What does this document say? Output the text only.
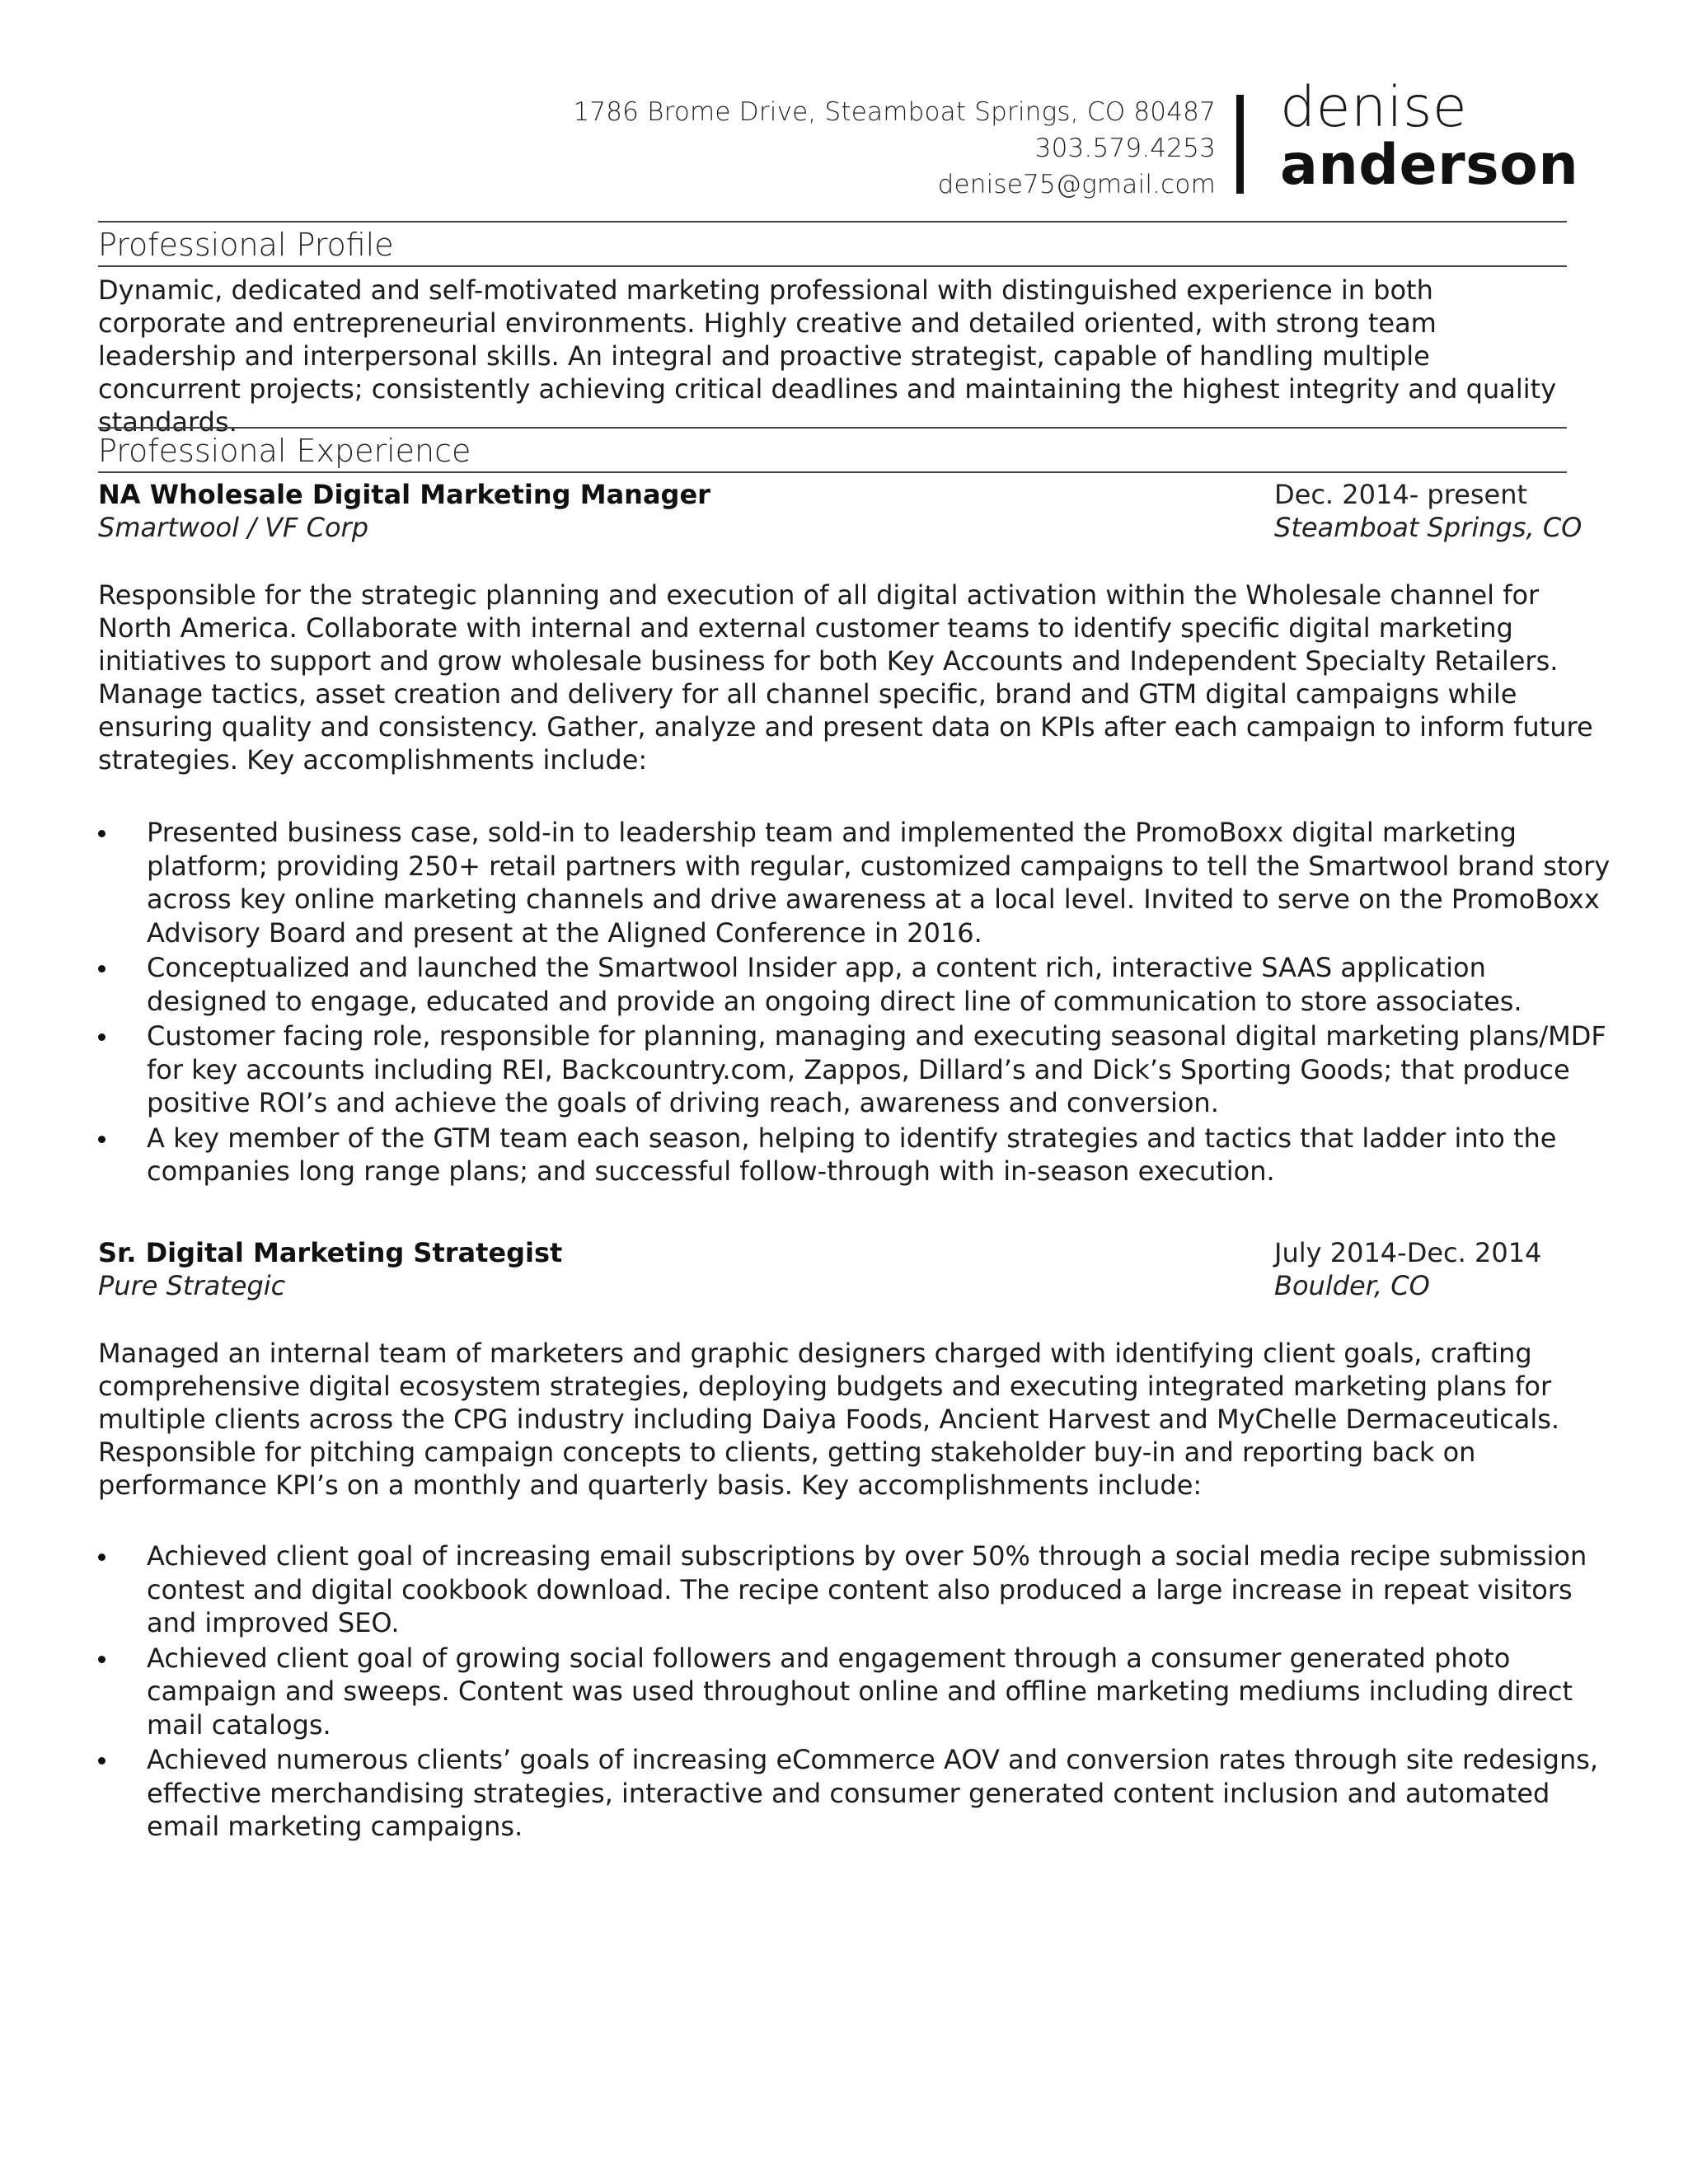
1786 Brome Drive, Steamboat Springs, CO 80487
303.579.4253
denise75@gmail.com
denise
anderson
Professional Profile
Dynamic, dedicated and self-motivated marketing professional with distinguished experience in both corporate and entrepreneurial environments. Highly creative and detailed oriented, with strong team leadership and interpersonal skills. An integral and proactive strategist, capable of handling multiple concurrent projects; consistently achieving critical deadlines and maintaining the highest integrity and quality standards.
Professional Experience
NA Wholesale Digital Marketing Manager	Dec. 2014- present
Smartwool / VF Corp	Steamboat Springs, CO
Responsible for the strategic planning and execution of all digital activation within the Wholesale channel for North America. Collaborate with internal and external customer teams to identify specific digital marketing initiatives to support and grow wholesale business for both Key Accounts and Independent Specialty Retailers. Manage tactics, asset creation and delivery for all channel specific, brand and GTM digital campaigns while ensuring quality and consistency. Gather, analyze and present data on KPIs after each campaign to inform future strategies. Key accomplishments include:
Presented business case, sold-in to leadership team and implemented the PromoBoxx digital marketing platform; providing 250+ retail partners with regular, customized campaigns to tell the Smartwool brand story across key online marketing channels and drive awareness at a local level. Invited to serve on the PromoBoxx Advisory Board and present at the Aligned Conference in 2016.
Conceptualized and launched the Smartwool Insider app, a content rich, interactive SAAS application designed to engage, educated and provide an ongoing direct line of communication to store associates.
Customer facing role, responsible for planning, managing and executing seasonal digital marketing plans/MDF for key accounts including REI, Backcountry.com, Zappos, Dillard’s and Dick’s Sporting Goods; that produce positive ROI’s and achieve the goals of driving reach, awareness and conversion.
A key member of the GTM team each season, helping to identify strategies and tactics that ladder into the companies long range plans; and successful follow-through with in-season execution.
Sr. Digital Marketing Strategist	July 2014-Dec. 2014
Pure Strategic	Boulder, CO
Managed an internal team of marketers and graphic designers charged with identifying client goals, crafting comprehensive digital ecosystem strategies, deploying budgets and executing integrated marketing plans for multiple clients across the CPG industry including Daiya Foods, Ancient Harvest and MyChelle Dermaceuticals. Responsible for pitching campaign concepts to clients, getting stakeholder buy-in and reporting back on performance KPI’s on a monthly and quarterly basis. Key accomplishments include:
Achieved client goal of increasing email subscriptions by over 50% through a social media recipe submission contest and digital cookbook download. The recipe content also produced a large increase in repeat visitors and improved SEO.
Achieved client goal of growing social followers and engagement through a consumer generated photo campaign and sweeps. Content was used throughout online and offline marketing mediums including direct mail catalogs.
Achieved numerous clients’ goals of increasing eCommerce AOV and conversion rates through site redesigns, effective merchandising strategies, interactive and consumer generated content inclusion and automated email marketing campaigns.
